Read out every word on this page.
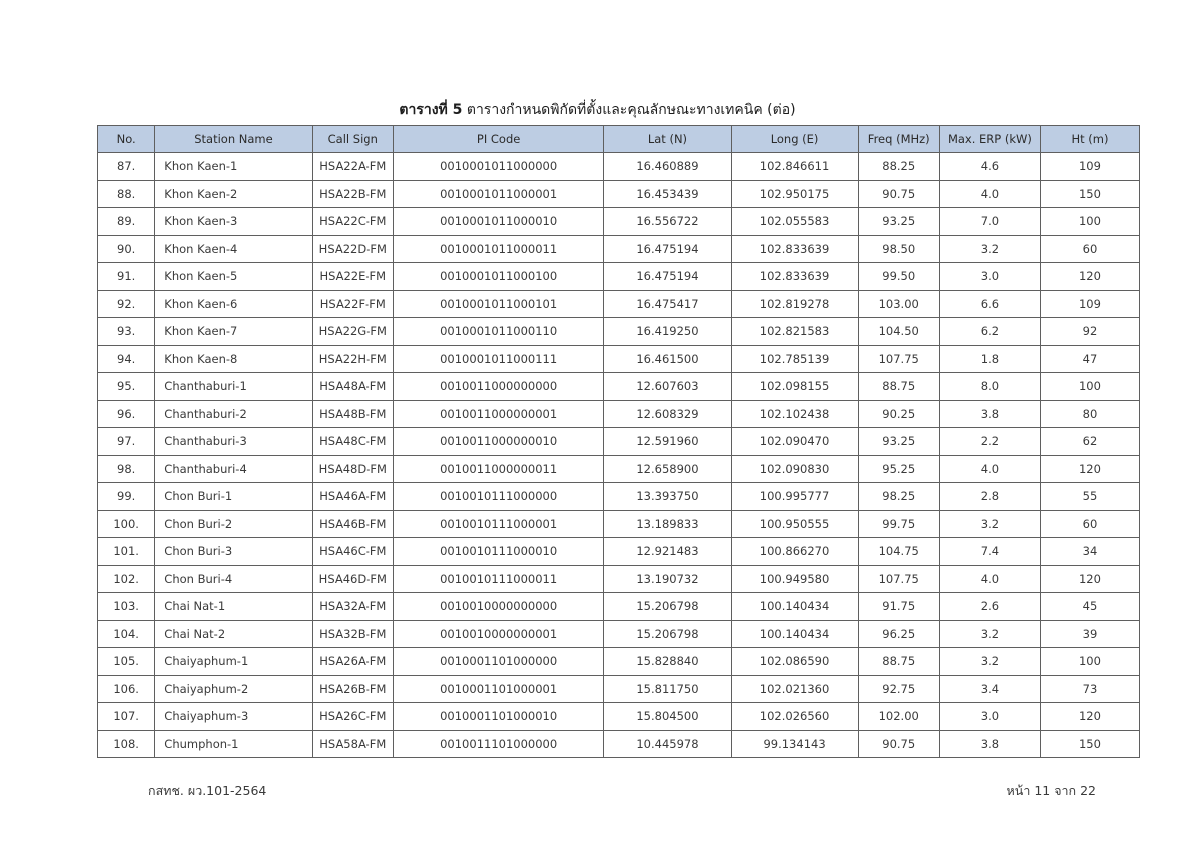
ตารางที่ 5 ตารางกำหนดพิกัดที่ตั้งและคุณลักษณะทางเทคนิค (ต่อ)
No.	Station Name	Call Sign	PI Code	Lat (N)	Long (E)	Freq (MHz)	Max. ERP (kW)	Ht (m)
87.	Khon Kaen-1	HSA22A-FM	0010001011000000	16.460889	102.846611	88.25	4.6	109
88.	Khon Kaen-2	HSA22B-FM	0010001011000001	16.453439	102.950175	90.75	4.0	150
89.	Khon Kaen-3	HSA22C-FM	0010001011000010	16.556722	102.055583	93.25	7.0	100
90.	Khon Kaen-4	HSA22D-FM	0010001011000011	16.475194	102.833639	98.50	3.2	60
91.	Khon Kaen-5	HSA22E-FM	0010001011000100	16.475194	102.833639	99.50	3.0	120
92.	Khon Kaen-6	HSA22F-FM	0010001011000101	16.475417	102.819278	103.00	6.6	109
93.	Khon Kaen-7	HSA22G-FM	0010001011000110	16.419250	102.821583	104.50	6.2	92
94.	Khon Kaen-8	HSA22H-FM	0010001011000111	16.461500	102.785139	107.75	1.8	47
95.	Chanthaburi-1	HSA48A-FM	0010011000000000	12.607603	102.098155	88.75	8.0	100
96.	Chanthaburi-2	HSA48B-FM	0010011000000001	12.608329	102.102438	90.25	3.8	80
97.	Chanthaburi-3	HSA48C-FM	0010011000000010	12.591960	102.090470	93.25	2.2	62
98.	Chanthaburi-4	HSA48D-FM	0010011000000011	12.658900	102.090830	95.25	4.0	120
99.	Chon Buri-1	HSA46A-FM	0010010111000000	13.393750	100.995777	98.25	2.8	55
100.	Chon Buri-2	HSA46B-FM	0010010111000001	13.189833	100.950555	99.75	3.2	60
101.	Chon Buri-3	HSA46C-FM	0010010111000010	12.921483	100.866270	104.75	7.4	34
102.	Chon Buri-4	HSA46D-FM	0010010111000011	13.190732	100.949580	107.75	4.0	120
103.	Chai Nat-1	HSA32A-FM	0010010000000000	15.206798	100.140434	91.75	2.6	45
104.	Chai Nat-2	HSA32B-FM	0010010000000001	15.206798	100.140434	96.25	3.2	39
105.	Chaiyaphum-1	HSA26A-FM	0010001101000000	15.828840	102.086590	88.75	3.2	100
106.	Chaiyaphum-2	HSA26B-FM	0010001101000001	15.811750	102.021360	92.75	3.4	73
107.	Chaiyaphum-3	HSA26C-FM	0010001101000010	15.804500	102.026560	102.00	3.0	120
108.	Chumphon-1	HSA58A-FM	0010011101000000	10.445978	99.134143	90.75	3.8	150
กสทช. ผว.101-2564	หน้า 11 จาก 22
